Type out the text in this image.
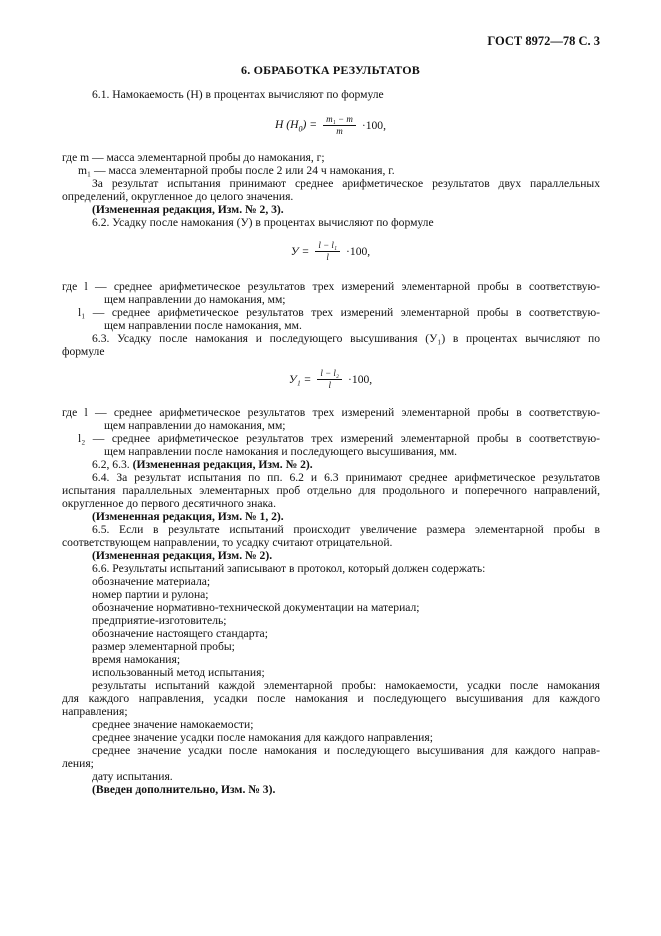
ГОСТ 8972—78 С. 3
6. ОБРАБОТКА РЕЗУЛЬТАТОВ

6.1. Намокаемость (Н) в процентах вычисляют по формуле

Н $(Н_0) = \frac{\text{m₁ − m}}{m} \cdot 100$,

где m — масса элементарной пробы до намокания, г;

m₁ — масса элементарной пробы после 2 или 24 ч намокания, г.

За результат испытания принимают среднее арифметическое результатов двух параллельных

определений, округленное до целого значения.

(Измененная редакция, Изм. № 2, 3).

6.2. Усадку после намокания (У) в процентах вычисляют по формуле

$У = \frac{\text{l − l₁}}{l} \cdot 100$,

где l — среднее арифметическое результатов трех измерений элементарной пробы в соответствую-

щем направлении до намокания, мм;

l₁ — среднее арифметическое результатов трех измерений элементарной пробы в соответствую-

щем направлении после намокания, мм.

6.3. Усадку после намокания и последующего высушивания (У₁) в процентах вычисляют по

формуле

$У_1 = \frac{\text{l − l₂}}{l} \cdot 100$,

где l — среднее арифметическое результатов трех измерений элементарной пробы в соответствую-

щем направлении до намокания, мм;

l₂ — среднее арифметическое результатов трех измерений элементарной пробы в соответствую-

щем направлении после намокания и последующего высушивания, мм.

6.2, 6.3. (Измененная редакция, Изм. № 2).

6.4. За результат испытания по пп. 6.2 и 6.3 принимают среднее арифметическое результатов

испытания параллельных элементарных проб отдельно для продольного и поперечного направлений,

округленное до первого десятичного знака.

(Измененная редакция, Изм. № 1, 2).

6.5. Если в результате испытаний происходит увеличение размера элементарной пробы в

соответствующем направлении, то усадку считают отрицательной.

(Измененная редакция, Изм. № 2).

6.6. Результаты испытаний записывают в протокол, который должен содержать:

обозначение материала;

номер партии и рулона;

обозначение нормативно-технической документации на материал;

предприятие-изготовитель;

обозначение настоящего стандарта;

размер элементарной пробы;

время намокания;

использованный метод испытания;

результаты испытаний каждой элементарной пробы: намокаемости, усадки после намокания

для каждого направления, усадки после намокания и последующего высушивания для каждого

направления;

среднее значение намокаемости;

среднее значение усадки после намокания для каждого направления;

среднее значение усадки после намокания и последующего высушивания для каждого направ-

ления;

дату испытания.

(Введен дополнительно, Изм. № 3).
